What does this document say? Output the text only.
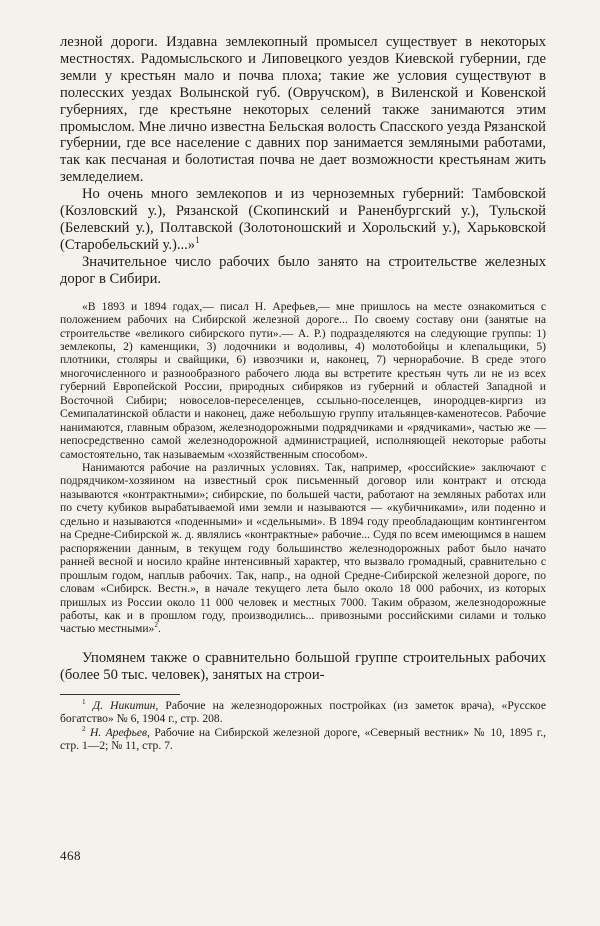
лезной дороги. Издавна землекопный промысел существует в некоторых местностях. Радомысльского и Липовецкого уездов Киевской губернии, где земли у крестьян мало и почва плоха; такие же условия существуют в полесских уездах Волынской губ. (Овручском), в Виленской и Ковенской губерниях, где крестьяне некоторых селений также занимаются этим промыслом. Мне лично известна Бельская волость Спасского уезда Рязанской губернии, где все население с давних пор занимается земляными работами, так как песчаная и болотистая почва не дает возможности крестьянам жить земледелием.

Но очень много землекопов и из черноземных губерний: Тамбовской (Козловский у.), Рязанской (Скопинский и Раненбургский у.), Тульской (Белевский у.), Полтавской (Золотоношский и Хорольский у.), Харьковской (Старобельский у.)...»$^1$

Значительное число рабочих было занято на строительстве железных дорог в Сибири.

«В 1893 и 1894 годах,— писал Н. Арефьев,— мне пришлось на месте ознакомиться с положением рабочих на Сибирской железной дороге... По своему составу они (занятые на строительстве «великого сибирского пути».— А. Р.) подразделяются на следующие группы: 1) землекопы, 2) каменщики, 3) лодочники и водоливы, 4) молотобойцы и клепальщики, 5) плотники, столяры и свайщики, 6) извозчики и, наконец, 7) чернорабочие. В среде этого многочисленного и разнообразного рабочего люда вы встретите крестьян чуть ли не из всех губерний Европейской России, природных сибиряков из губерний и областей Западной и Восточной Сибири; новоселов-переселенцев, ссыльно-поселенцев, инородцев-киргиз из Семипалатинской области и наконец, даже небольшую группу итальянцев-каменотесов. Рабочие нанимаются, главным образом, железнодорожными подрядчиками и «рядчиками», частью же — непосредственно самой железнодорожной администрацией, исполняющей некоторые работы самостоятельно, так называемым «хозяйственным способом».

Нанимаются рабочие на различных условиях. Так, например, «российские» заключают с подрядчиком-хозяином на известный срок письменный договор или контракт и отсюда называются «контрактными»; сибирские, по большей части, работают на земляных работах или по счету кубиков вырабатываемой ими земли и называются — «кубичниками», или поденно и сдельно и называются «поденными» и «сдельными». В 1894 году преобладающим контингентом на Средне-Сибирской ж. д. являлись «контрактные» рабочие... Судя по всем имеющимся в нашем распоряжении данным, в текущем году большинство железнодорожных работ было начато ранней весной и носило крайне интенсивный характер, что вызвало громадный, сравнительно с прошлым годом, наплыв рабочих. Так, напр., на одной Средне-Сибирской железной дороге, по словам «Сибирск. Вестн.», в начале текущего лета было около 18 000 рабочих, из которых пришлых из России около 11 000 человек и местных 7000. Таким образом, железнодорожные работы, как и в прошлом году, производились... привозными российскими силами и только частью местными»$^2$.

Упомянем также о сравнительно большой группе строительных рабочих (более 50 тыс. человек), занятых на строи-

$^1$ Д. Никитин, Рабочие на железнодорожных постройках (из заметок врача), «Русское богатство» № 6, 1904 г., стр. 208.

$^2$ Н. Арефьев, Рабочие на Сибирской железной дороге, «Северный вестник» № 10, 1895 г., стр. 1—2; № 11, стр. 7.

468
